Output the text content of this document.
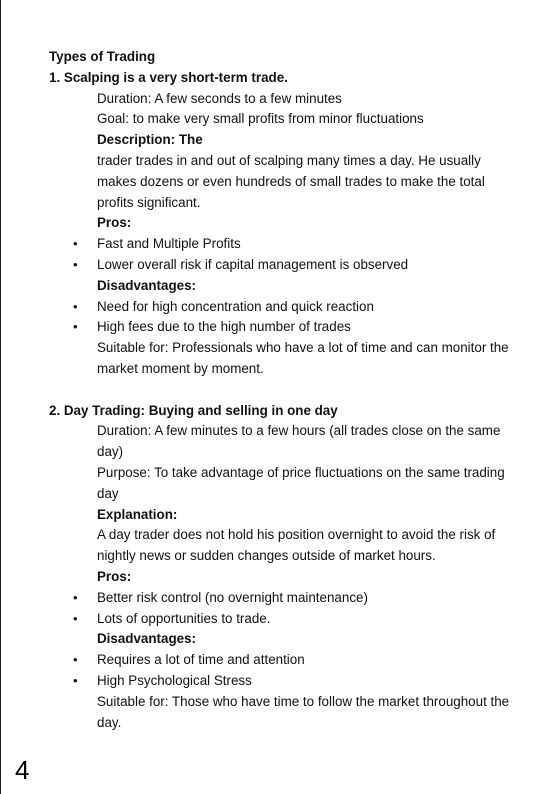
Types of Trading
1. Scalping is a very short-term trade.
Duration: A few seconds to a few minutes
Goal: to make very small profits from minor fluctuations
Description: The
trader trades in and out of scalping many times a day. He usually makes dozens or even hundreds of small trades to make the total profits significant.
Pros:
• Fast and Multiple Profits
• Lower overall risk if capital management is observed
Disadvantages:
• Need for high concentration and quick reaction
• High fees due to the high number of trades
Suitable for: Professionals who have a lot of time and can monitor the market moment by moment.
2. Day Trading: Buying and selling in one day
Duration: A few minutes to a few hours (all trades close on the same day)
Purpose: To take advantage of price fluctuations on the same trading day
Explanation:
A day trader does not hold his position overnight to avoid the risk of nightly news or sudden changes outside of market hours.
Pros:
• Better risk control (no overnight maintenance)
• Lots of opportunities to trade.
Disadvantages:
• Requires a lot of time and attention
• High Psychological Stress
Suitable for: Those who have time to follow the market throughout the day.
4
